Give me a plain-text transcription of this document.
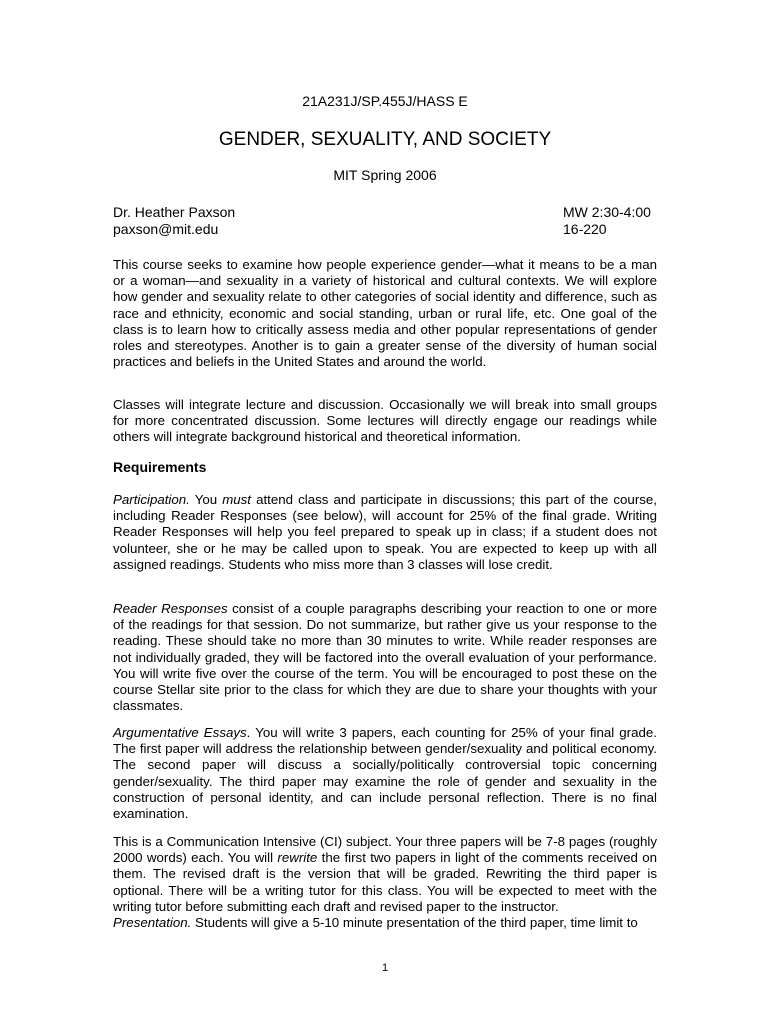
21A231J/SP.455J/HASS E
GENDER, SEXUALITY, AND SOCIETY
MIT Spring 2006
Dr. Heather Paxson	MW 2:30-4:00
paxson@mit.edu	16-220

This course seeks to examine how people experience gender—what it means to be a man or a woman—and sexuality in a variety of historical and cultural contexts. We will explore how gender and sexuality relate to other categories of social identity and difference, such as race and ethnicity, economic and social standing, urban or rural life, etc. One goal of the class is to learn how to critically assess media and other popular representations of gender roles and stereotypes. Another is to gain a greater sense of the diversity of human social practices and beliefs in the United States and around the world.

Classes will integrate lecture and discussion. Occasionally we will break into small groups for more concentrated discussion. Some lectures will directly engage our readings while others will integrate background historical and theoretical information.

Requirements

Participation. You must attend class and participate in discussions; this part of the course, including Reader Responses (see below), will account for 25% of the final grade. Writing Reader Responses will help you feel prepared to speak up in class; if a student does not volunteer, she or he may be called upon to speak. You are expected to keep up with all assigned readings. Students who miss more than 3 classes will lose credit.

Reader Responses consist of a couple paragraphs describing your reaction to one or more of the readings for that session. Do not summarize, but rather give us your response to the reading. These should take no more than 30 minutes to write. While reader responses are not individually graded, they will be factored into the overall evaluation of your performance. You will write five over the course of the term. You will be encouraged to post these on the course Stellar site prior to the class for which they are due to share your thoughts with your classmates.

Argumentative Essays. You will write 3 papers, each counting for 25% of your final grade. The first paper will address the relationship between gender/sexuality and political economy. The second paper will discuss a socially/politically controversial topic concerning gender/sexuality. The third paper may examine the role of gender and sexuality in the construction of personal identity, and can include personal reflection. There is no final examination.

This is a Communication Intensive (CI) subject. Your three papers will be 7-8 pages (roughly 2000 words) each. You will rewrite the first two papers in light of the comments received on them. The revised draft is the version that will be graded. Rewriting the third paper is optional. There will be a writing tutor for this class. You will be expected to meet with the writing tutor before submitting each draft and revised paper to the instructor.
Presentation. Students will give a 5-10 minute presentation of the third paper, time limit to

1
